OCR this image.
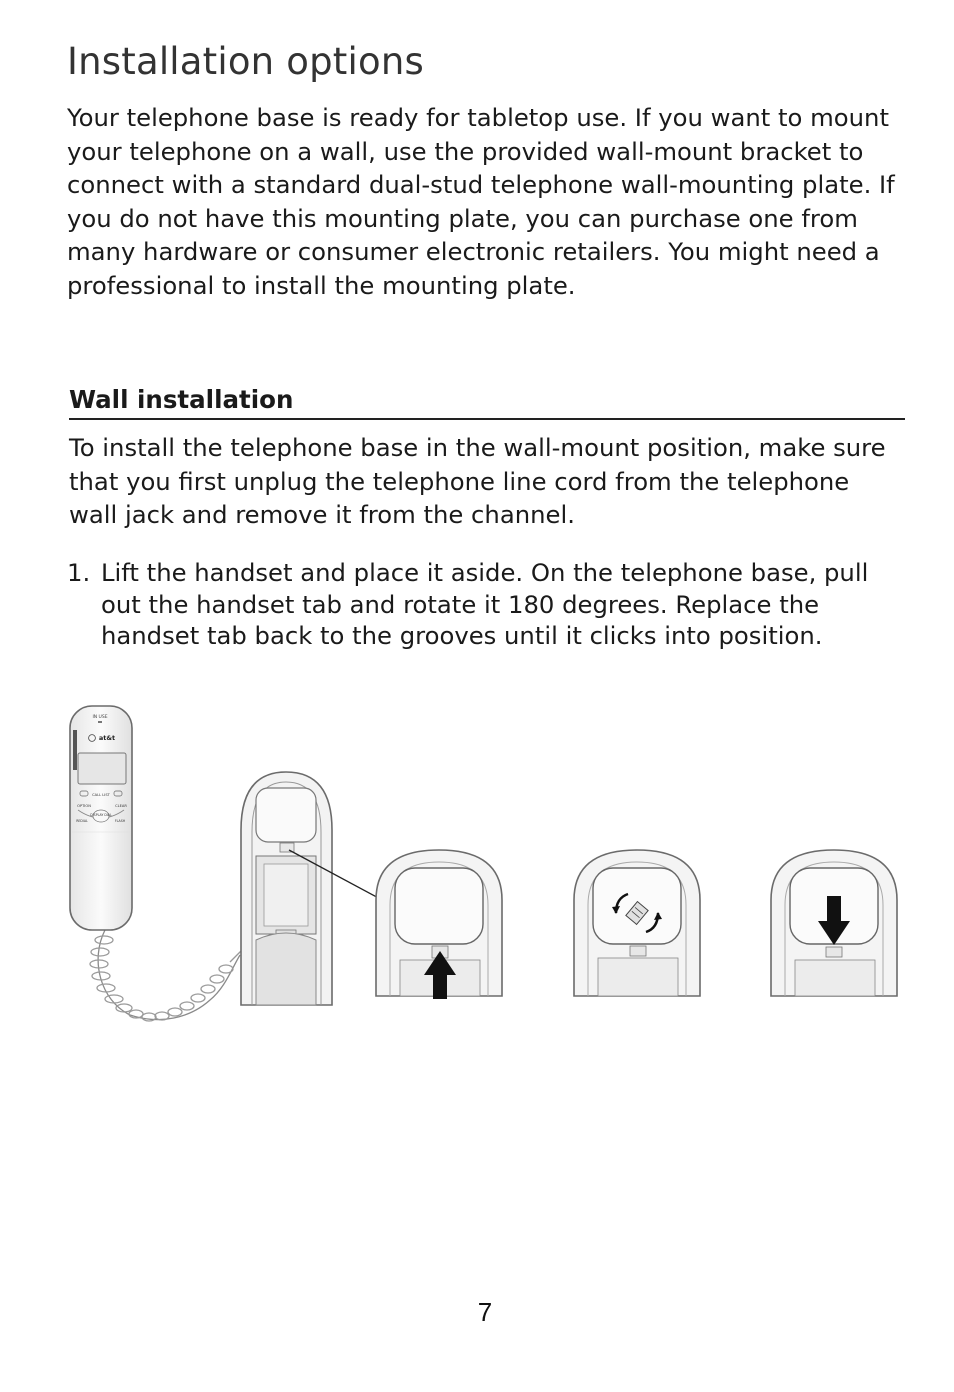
Installation options

Your telephone base is ready for tabletop use. If you want to mount your telephone on a wall, use the provided wall-mount bracket to connect with a standard dual-stud telephone wall-mounting plate. If you do not have this mounting plate, you can purchase one from many hardware or consumer electronic retailers. You might need a professional to install the mounting plate.

Wall installation

To install the telephone base in the wall-mount position, make sure that you first unplug the telephone line cord from the telephone wall jack and remove it from the channel.

1. Lift the handset and place it aside. On the telephone base, pull out the handset tab and rotate it 180 degrees. Replace the handset tab back to the grooves until it clicks into position.
IN USE
at&t
CALL LIST
OPTION	CLEAR
DISPLAY DIAL
REDIAL	FLASH
7
